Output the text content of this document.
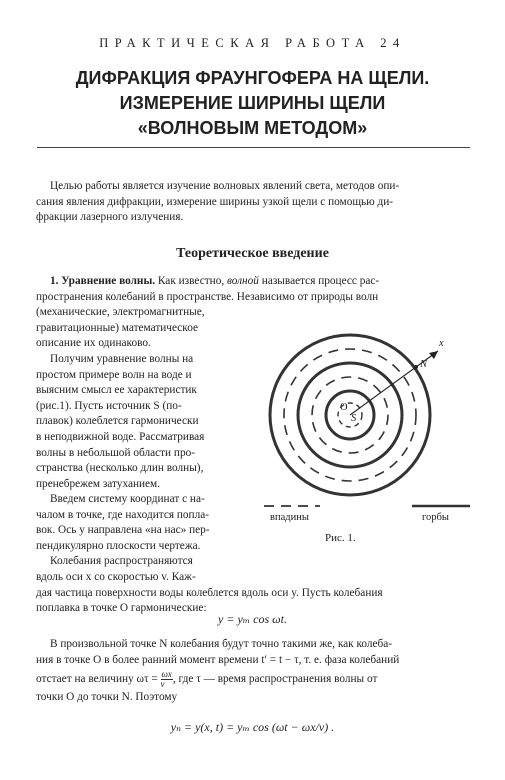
ПРАКТИЧЕСКАЯ РАБОТА 24
ДИФРАКЦИЯ ФРАУНГОФЕРА НА ЩЕЛИ.
ИЗМЕРЕНИЕ ШИРИНЫ ЩЕЛИ
«ВОЛНОВЫМ МЕТОДОМ»

Целью работы является изучение волновых явлений света, методов опи-
сания явления дифракции, измерение ширины узкой щели с помощью ди-
фракции лазерного излучения.

Теоретическое введение

1. Уравнение волны. Как известно, волной называется процесс рас-
пространения колебаний в пространстве. Независимо от природы волн
(механические, электромагнитные,
гравитационные) математическое
описание их одинаково.

Получим уравнение волны на
простом примере волн на воде и
выясним смысл ее характеристик
(рис.1). Пусть источник S (по-
плавок) колеблется гармонически
в неподвижной воде. Рассматривая
волны в небольшой области про-
странства (несколько длин волны),
пренебрежем затуханием.

Введем систему координат с на-
чалом в точке, где находится попла-
вок. Ось y направлена «на нас» пер-
пендикулярно плоскости чертежа.
Колебания распространяются
вдоль оси x со скоростью v. Каж-
дая частица поверхности воды колеблется вдоль оси y. Пусть колебания
поплавка в точке O гармонические:

y = yₘ cos ωt.

В произвольной точке N колебания будут точно такими же, как колеба-
ния в точке O в более ранний момент времени t′ = t − τ, т. е. фаза колебаний
отстает на величину $\omega\tau = \frac{\omega x}{v}$ , где τ — время распространения волны от
точки O до точки N. Поэтому

yₙ = y(x, t) = yₘ cos (ωt − ωx/v) .
x
N
O
S
впадины	горбы
Рис. 1.
